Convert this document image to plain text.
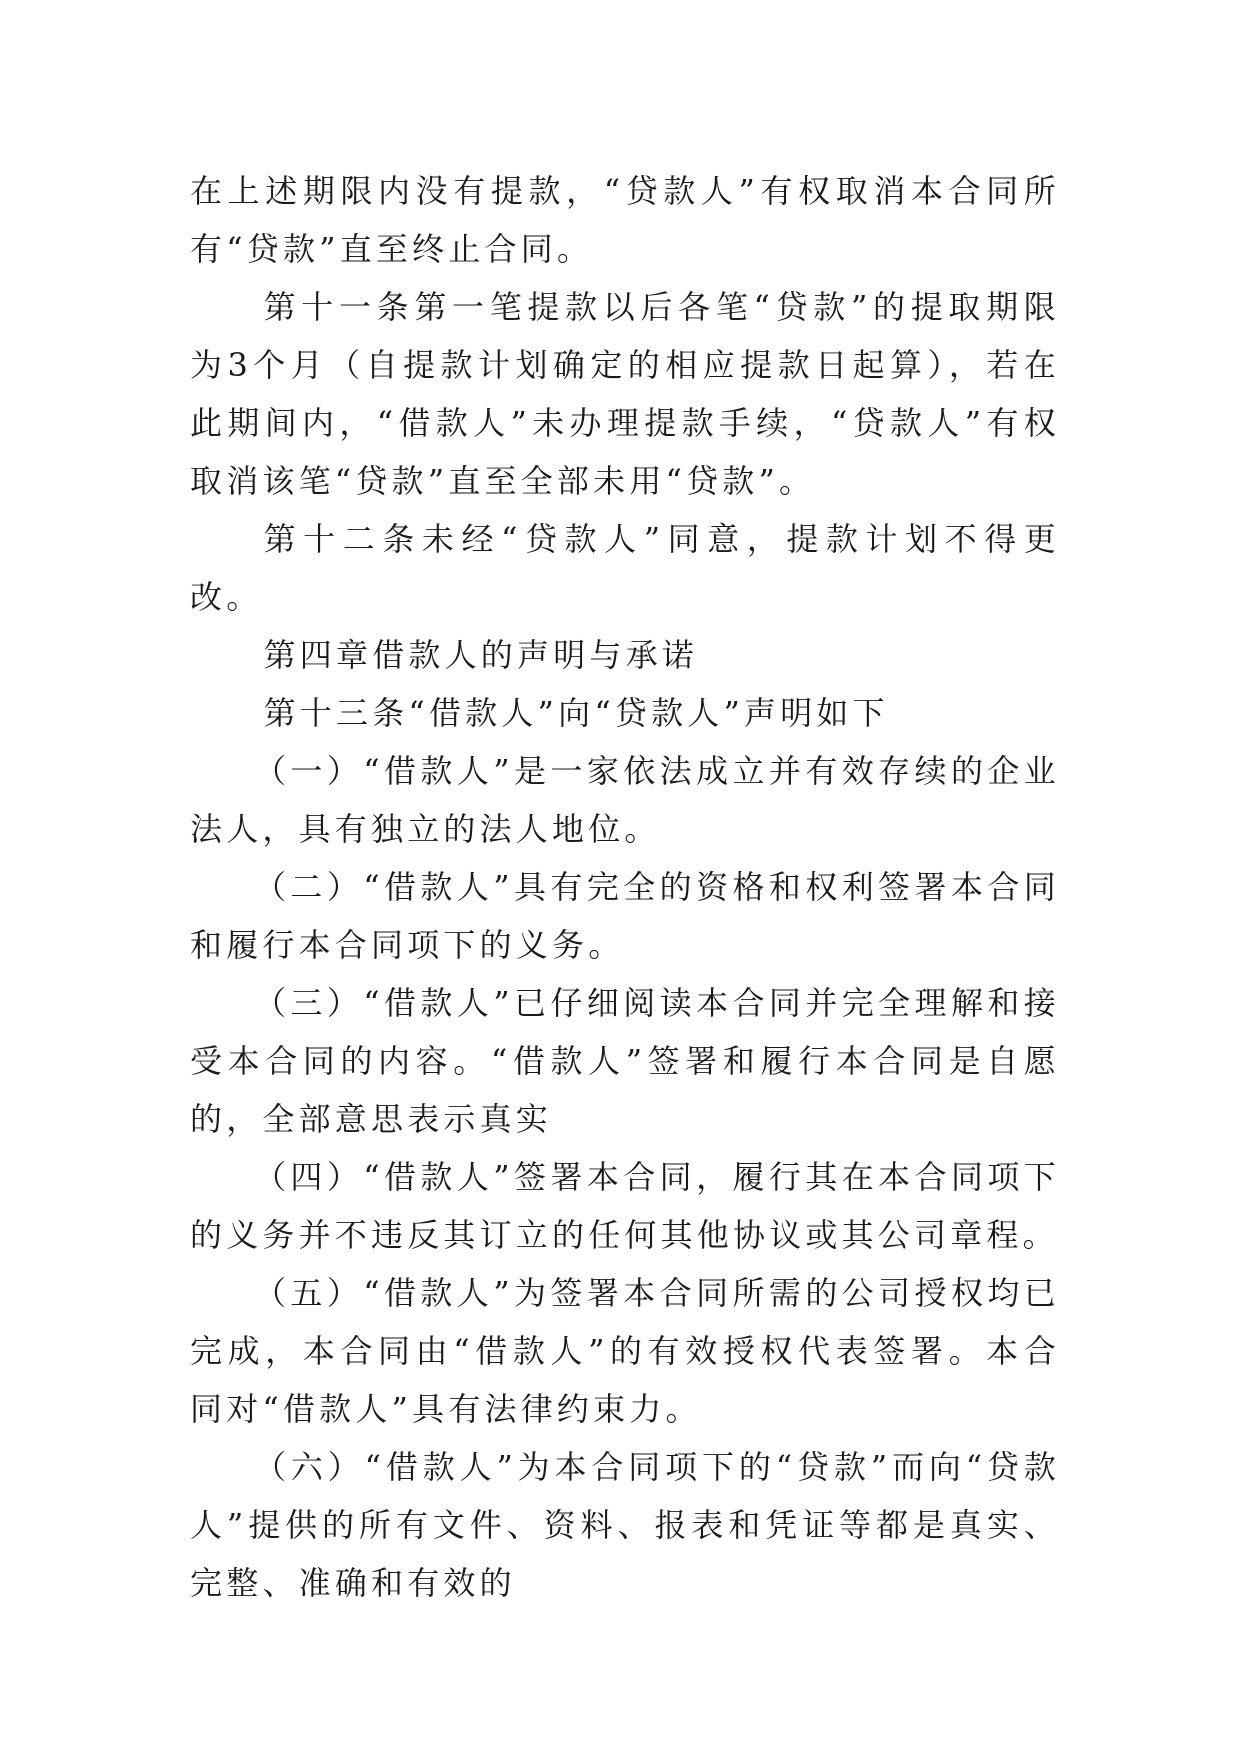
在上述期限内没有提款，“贷款人”有权取消本合同所有“贷款”直至终止合同。

第十一条第一笔提款以后各笔“贷款”的提取期限为3个月（自提款计划确定的相应提款日起算），若在此期间内，“借款人”未办理提款手续，“贷款人”有权取消该笔“贷款”直至全部未用“贷款”。

第十二条未经“贷款人”同意，提款计划不得更改。

第四章借款人的声明与承诺

第十三条“借款人”向“贷款人”声明如下

（一）“借款人”是一家依法成立并有效存续的企业法人，具有独立的法人地位。

（二）“借款人”具有完全的资格和权利签署本合同和履行本合同项下的义务。

（三）“借款人”已仔细阅读本合同并完全理解和接受本合同的内容。“借款人”签署和履行本合同是自愿的，全部意思表示真实

（四）“借款人”签署本合同，履行其在本合同项下的义务并不违反其订立的任何其他协议或其公司章程。

（五）“借款人”为签署本合同所需的公司授权均已完成，本合同由“借款人”的有效授权代表签署。本合同对“借款人”具有法律约束力。

（六）“借款人”为本合同项下的“贷款”而向“贷款人”提供的所有文件、资料、报表和凭证等都是真实、完整、准确和有效的
